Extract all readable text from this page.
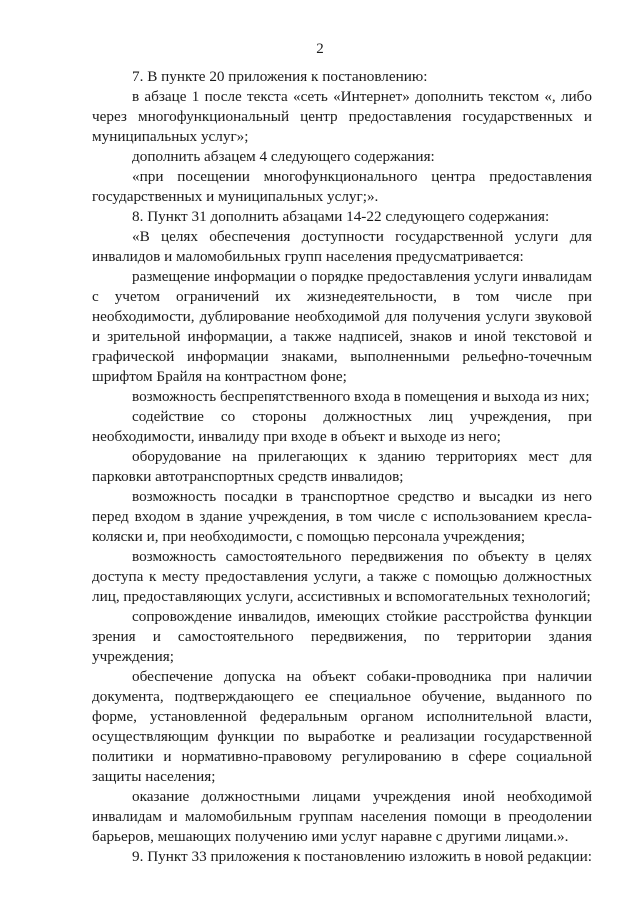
2

7. В пункте 20 приложения к постановлению:

в абзаце 1 после текста «сеть «Интернет» дополнить текстом «, либо через многофункциональный центр предоставления государственных и муниципальных услуг»;

дополнить абзацем 4 следующего содержания:

«при посещении многофункционального центра предоставления государственных и муниципальных услуг;».

8. Пункт 31 дополнить абзацами 14-22 следующего содержания:

«В целях обеспечения доступности государственной услуги для инвалидов и маломобильных групп населения предусматривается:

размещение информации о порядке предоставления услуги инвалидам с учетом ограничений их жизнедеятельности, в том числе при необходимости, дублирование необходимой для получения услуги звуковой и зрительной информации, а также надписей, знаков и иной текстовой и графической информации знаками, выполненными рельефно-точечным шрифтом Брайля на контрастном фоне;

возможность беспрепятственного входа в помещения и выхода из них;

содействие со стороны должностных лиц учреждения, при необходимости, инвалиду при входе в объект и выходе из него;

оборудование на прилегающих к зданию территориях мест для парковки автотранспортных средств инвалидов;

возможность посадки в транспортное средство и высадки из него перед входом в здание учреждения, в том числе с использованием кресла-коляски и, при необходимости, с помощью персонала учреждения;

возможность самостоятельного передвижения по объекту в целях доступа к месту предоставления услуги, а также с помощью должностных лиц, предоставляющих услуги, ассистивных и вспомогательных технологий;

сопровождение инвалидов, имеющих стойкие расстройства функции зрения и самостоятельного передвижения, по территории здания учреждения;

обеспечение допуска на объект собаки-проводника при наличии документа, подтверждающего ее специальное обучение, выданного по форме, установленной федеральным органом исполнительной власти, осуществляющим функции по выработке и реализации государственной политики и нормативно-правовому регулированию в сфере социальной защиты населения;

оказание должностными лицами учреждения иной необходимой инвалидам и маломобильным группам населения помощи в преодолении барьеров, мешающих получению ими услуг наравне с другими лицами.».

9. Пункт 33 приложения к постановлению изложить в новой редакции:
